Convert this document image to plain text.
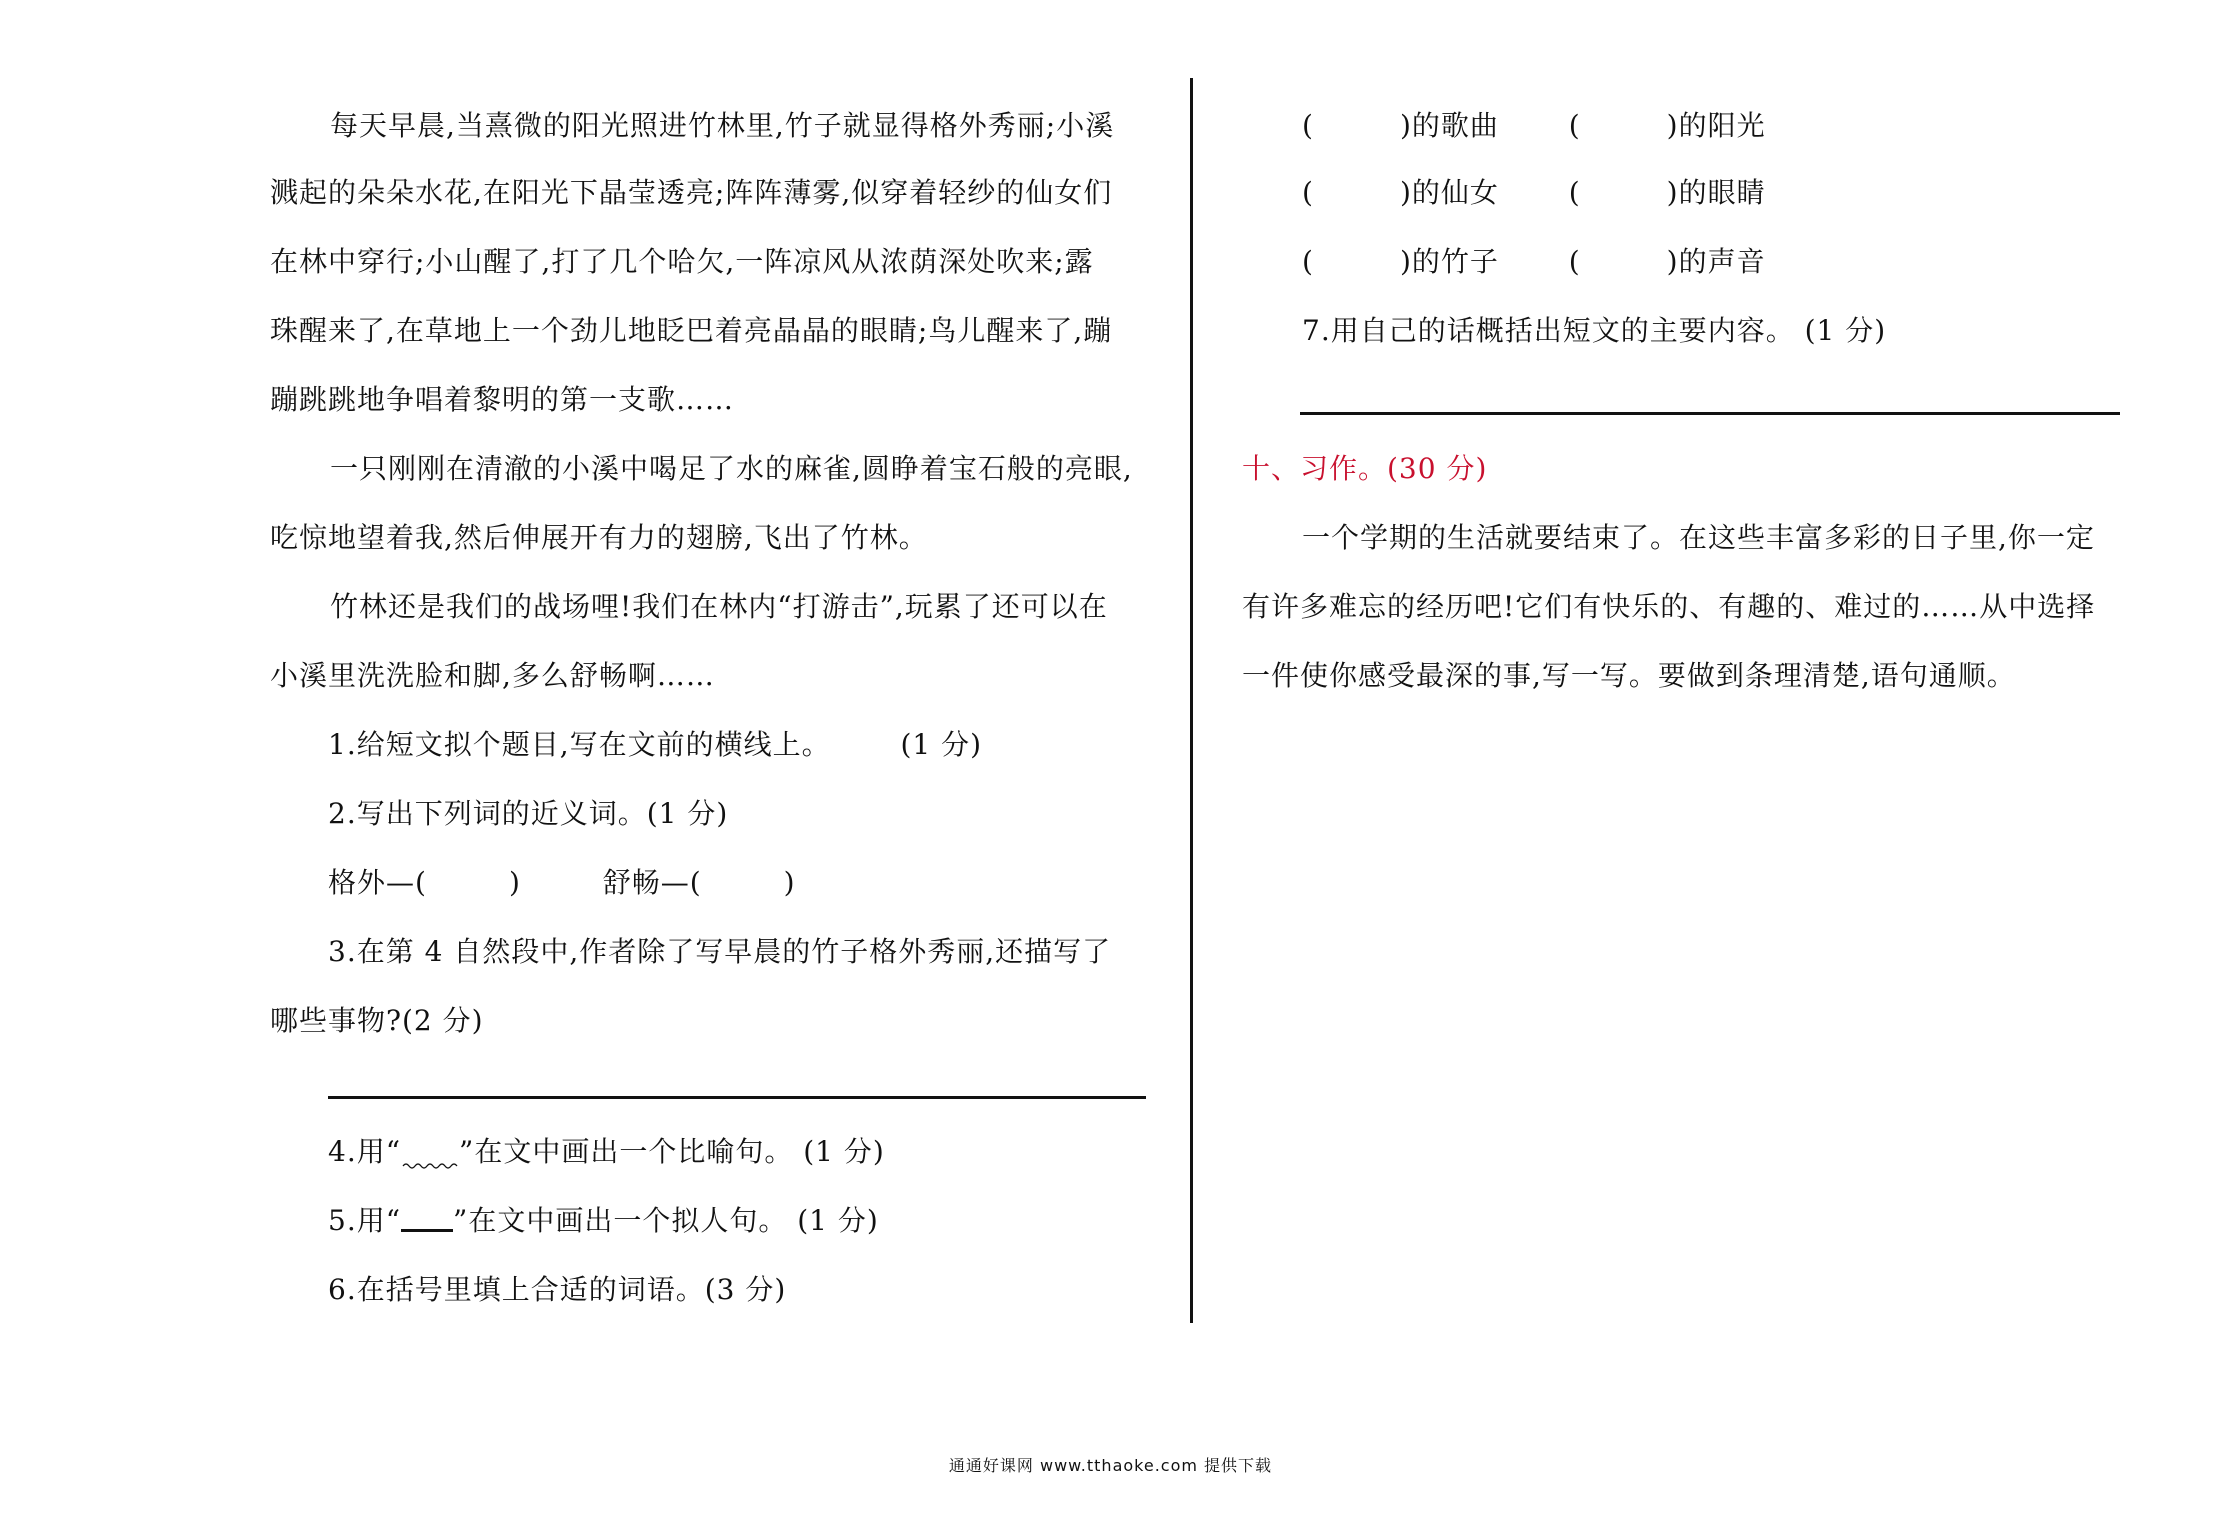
每天早晨,当熹微的阳光照进竹林里,竹子就显得格外秀丽;小溪
溅起的朵朵水花,在阳光下晶莹透亮;阵阵薄雾,似穿着轻纱的仙女们
在林中穿行;小山醒了,打了几个哈欠,一阵凉风从浓荫深处吹来;露
珠醒来了,在草地上一个劲儿地眨巴着亮晶晶的眼睛;鸟儿醒来了,蹦
蹦跳跳地争唱着黎明的第一支歌……
一只刚刚在清澈的小溪中喝足了水的麻雀,圆睁着宝石般的亮眼,
吃惊地望着我,然后伸展开有力的翅膀,飞出了竹林。
竹林还是我们的战场哩!我们在林内“打游击”,玩累了还可以在
小溪里洗洗脸和脚,多么舒畅啊……
1.给短文拟个题目,写在文前的横线上。 (1 分)
2.写出下列词的近义词。(1 分)
格外—(	)	舒畅—(	)
3.在第 4 自然段中,作者除了写早晨的竹子格外秀丽,还描写了
哪些事物?(2 分)
4.用“ ”在文中画出一个比喻句。 (1 分)
5.用“ ”在文中画出一个拟人句。 (1 分)
6.在括号里填上合适的词语。(3 分)
(	)的歌曲 (	)的阳光
(	)的仙女 (	)的眼睛
(	)的竹子 (	)的声音
7.用自己的话概括出短文的主要内容。 (1 分)
十、习作。(30 分)
一个学期的生活就要结束了。在这些丰富多彩的日子里,你一定
有许多难忘的经历吧!它们有快乐的、有趣的、难过的……从中选择
一件使你感受最深的事,写一写。要做到条理清楚,语句通顺。
通通好课网 www.tthaoke.com 提供下载
